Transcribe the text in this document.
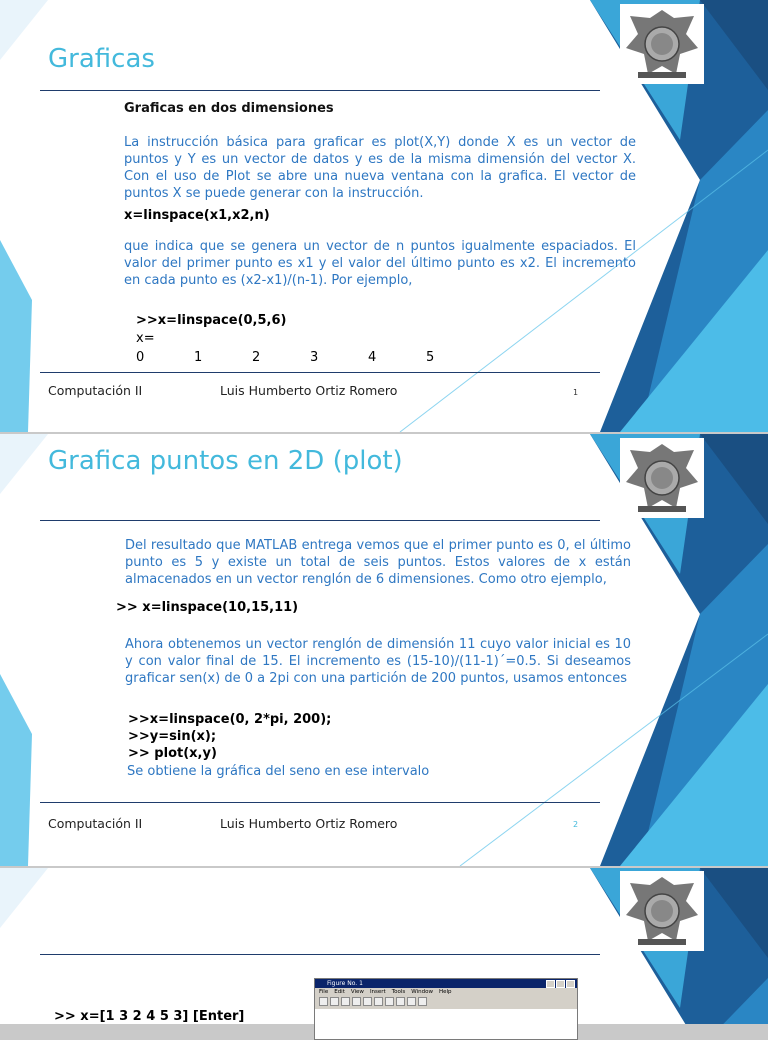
Graficas
Graficas en dos dimensiones
La instrucción básica para graficar es plot(X,Y) donde X es un vector de puntos y Y es un vector de datos y es de la misma dimensión del vector X. Con el uso de Plot se abre una nueva ventana con la grafica. El vector de puntos X se puede generar con la instrucción.
x=linspace(x1,x2,n)
que indica que se genera un vector de n puntos igualmente espaciados. El valor del primer punto es x1 y el valor del último punto es x2. El incremento en cada punto es (x2-x1)/(n-1). Por ejemplo,
>>x=linspace(0,5,6)
x=
0	1	2	3	4	5
Computación II	Luis Humberto Ortiz Romero	1
Grafica puntos en 2D (plot)
Del resultado que MATLAB entrega vemos que el primer punto es 0, el último punto es 5 y existe un total de seis puntos. Estos valores de x están almacenados en un vector renglón de 6 dimensiones. Como otro ejemplo,
>> x=linspace(10,15,11)
Ahora obtenemos un vector renglón de dimensión 11 cuyo valor inicial es 10 y con valor final de 15. El incremento es (15-10)/(11-1)´=0.5. Si deseamos graficar sen(x) de 0 a 2pi con una partición de 200 puntos, usamos entonces
>>x=linspace(0, 2*pi, 200);
>>y=sin(x);
>> plot(x,y)
Se obtiene la gráfica del seno en ese intervalo
Computación II	Luis Humberto Ortiz Romero	2
>> x=[1 3 2 4 5 3] [Enter]
Figure No. 1
File Edit View Insert Tools Window Help
